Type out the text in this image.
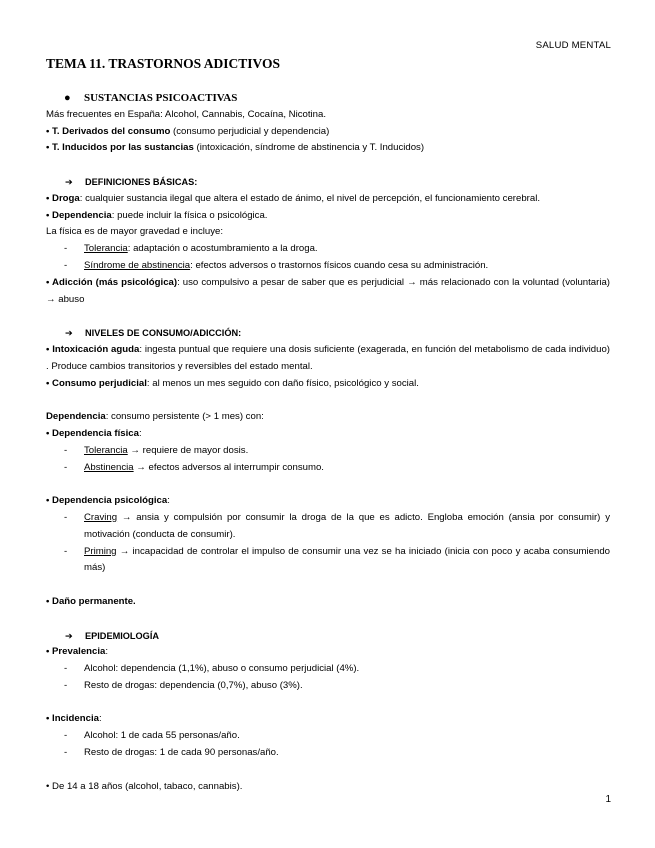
SALUD MENTAL
TEMA 11. TRASTORNOS ADICTIVOS
● SUSTANCIAS PSICOACTIVAS
Más frecuentes en España: Alcohol, Cannabis, Cocaína, Nicotina.
• T. Derivados del consumo (consumo perjudicial y dependencia)
• T. Inducidos por las sustancias (intoxicación, síndrome de abstinencia y T. Inducidos)
➔ DEFINICIONES BÁSICAS:
• Droga: cualquier sustancia ilegal que altera el estado de ánimo, el nivel de percepción, el funcionamiento cerebral.
• Dependencia: puede incluir la física o psicológica.
La física es de mayor gravedad e incluye:
- Tolerancia: adaptación o acostumbramiento a la droga.
- Síndrome de abstinencia: efectos adversos o trastornos físicos cuando cesa su administración.
• Adicción (más psicológica): uso compulsivo a pesar de saber que es perjudicial → más relacionado con la voluntad (voluntaria) → abuso
➔ NIVELES DE CONSUMO/ADICCIÓN:
• Intoxicación aguda: ingesta puntual que requiere una dosis suficiente (exagerada, en función del metabolismo de cada individuo) . Produce cambios transitorios y reversibles del estado mental.
• Consumo perjudicial: al menos un mes seguido con daño físico, psicológico y social.
Dependencia: consumo persistente (> 1 mes) con:
• Dependencia física:
- Tolerancia → requiere de mayor dosis.
- Abstinencia → efectos adversos al interrumpir consumo.
• Dependencia psicológica:
- Craving → ansia y compulsión por consumir la droga de la que es adicto. Engloba emoción (ansia por consumir) y motivación (conducta de consumir).
- Priming → incapacidad de controlar el impulso de consumir una vez se ha iniciado (inicia con poco y acaba consumiendo más)
• Daño permanente.
➔ EPIDEMIOLOGÍA
• Prevalencia:
- Alcohol: dependencia (1,1%), abuso o consumo perjudicial (4%).
- Resto de drogas: dependencia (0,7%), abuso (3%).
• Incidencia:
- Alcohol: 1 de cada 55 personas/año.
- Resto de drogas: 1 de cada 90 personas/año.
• De 14 a 18 años (alcohol, tabaco, cannabis).
1
